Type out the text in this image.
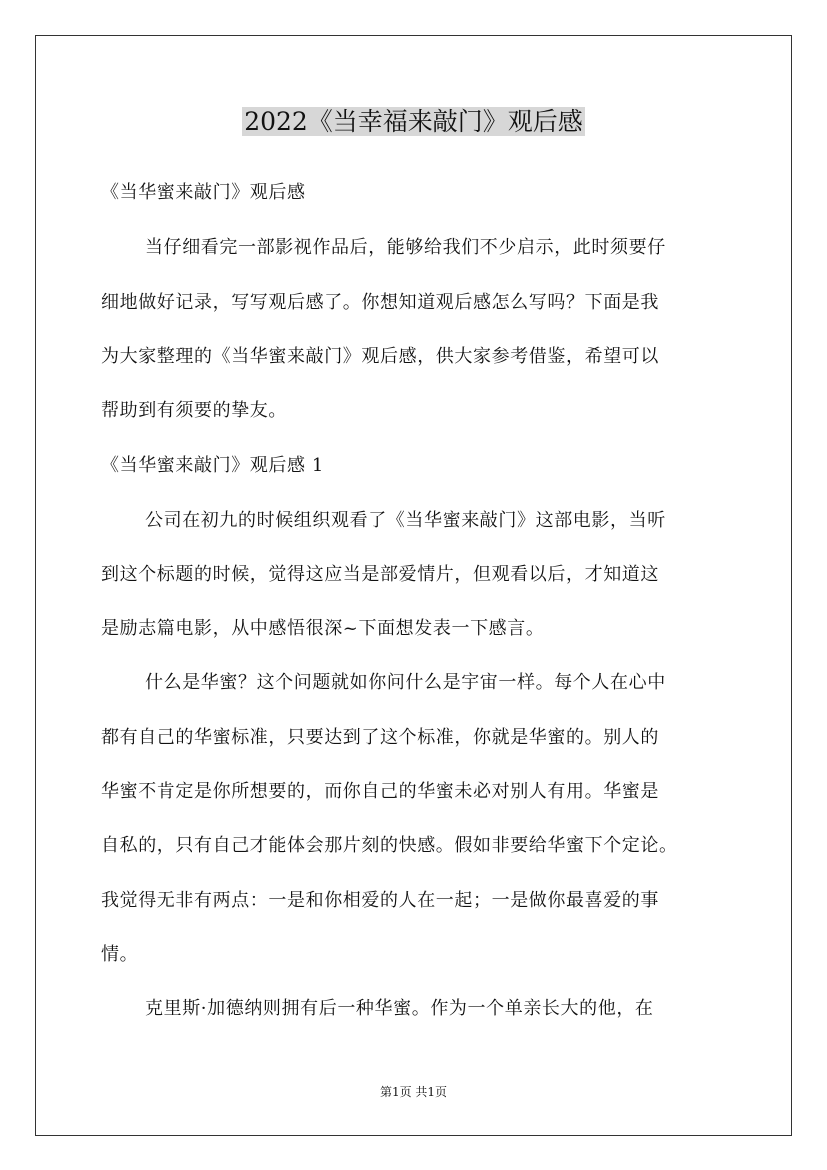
2022《当幸福来敲门》观后感
《当华蜜来敲门》观后感
当仔细看完一部影视作品后，能够给我们不少启示，此时须要仔
细地做好记录，写写观后感了。你想知道观后感怎么写吗？下面是我
为大家整理的《当华蜜来敲门》观后感，供大家参考借鉴，希望可以
帮助到有须要的挚友。
《当华蜜来敲门》观后感 1
公司在初九的时候组织观看了《当华蜜来敲门》这部电影，当听
到这个标题的时候，觉得这应当是部爱情片，但观看以后，才知道这
是励志篇电影，从中感悟很深~下面想发表一下感言。
什么是华蜜？这个问题就如你问什么是宇宙一样。每个人在心中
都有自己的华蜜标准，只要达到了这个标准，你就是华蜜的。别人的
华蜜不肯定是你所想要的，而你自己的华蜜未必对别人有用。华蜜是
自私的，只有自己才能体会那片刻的快感。假如非要给华蜜下个定论。
我觉得无非有两点：一是和你相爱的人在一起；一是做你最喜爱的事
情。
克里斯·加德纳则拥有后一种华蜜。作为一个单亲长大的他，在
第1页 共1页
